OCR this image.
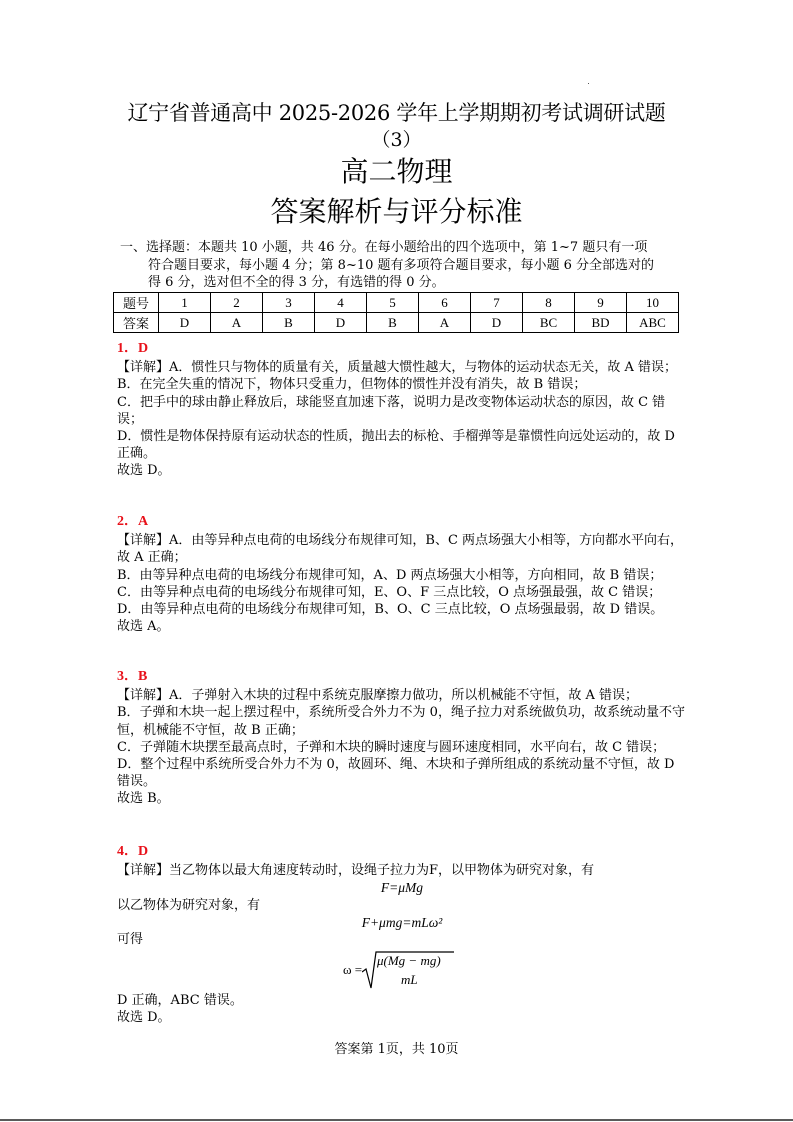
辽宁省普通高中 2025-2026 学年上学期期初考试调研试题
（3）
高二物理
答案解析与评分标准
一、选择题：本题共 10 小题，共 46 分。在每小题给出的四个选项中，第 1~7 题只有一项
符合题目要求，每小题 4 分；第 8~10 题有多项符合题目要求，每小题 6 分全部选对的
得 6 分，选对但不全的得 3 分，有选错的得 0 分。
题号	1	2	3	4	5	6	7	8	9	10
答案	D	A	B	D	B	A	D	BC	BD	ABC
1．D

【详解】A．惯性只与物体的质量有关，质量越大惯性越大，与物体的运动状态无关，故 A 错误；

B．在完全失重的情况下，物体只受重力，但物体的惯性并没有消失，故 B 错误；

C．把手中的球由静止释放后，球能竖直加速下落，说明力是改变物体运动状态的原因，故 C 错误；

D．惯性是物体保持原有运动状态的性质，抛出去的标枪、手榴弹等是靠惯性向远处运动的，故 D 正确。

故选 D。

2．A

【详解】A．由等异种点电荷的电场线分布规律可知，B、C 两点场强大小相等，方向都水平向右，故 A 正确；

B．由等异种点电荷的电场线分布规律可知，A、D 两点场强大小相等，方向相同，故 B 错误；

C．由等异种点电荷的电场线分布规律可知，E、O、F 三点比较，O 点场强最强，故 C 错误；

D．由等异种点电荷的电场线分布规律可知，B、O、C 三点比较，O 点场强最弱，故 D 错误。

故选 A。

3．B

【详解】A．子弹射入木块的过程中系统克服摩擦力做功，所以机械能不守恒，故 A 错误；

B．子弹和木块一起上摆过程中，系统所受合外力不为 0，绳子拉力对系统做负功，故系统动量不守恒，机械能不守恒，故 B 正确；

C．子弹随木块摆至最高点时，子弹和木块的瞬时速度与圆环速度相同，水平向右，故 C 错误；

D．整个过程中系统所受合外力不为 0，故圆环、绳、木块和子弹所组成的系统动量不守恒，故 D 错误。

故选 B。

4．D

【详解】当乙物体以最大角速度转动时，设绳子拉力为F，以甲物体为研究对象，有

F=μMg

以乙物体为研究对象，有

F+μmg=mLω²

可得

D 正确，ABC 错误。

故选 D。

ω =
μ(Mg − mg)
mL
答案第 1页，共 10页
